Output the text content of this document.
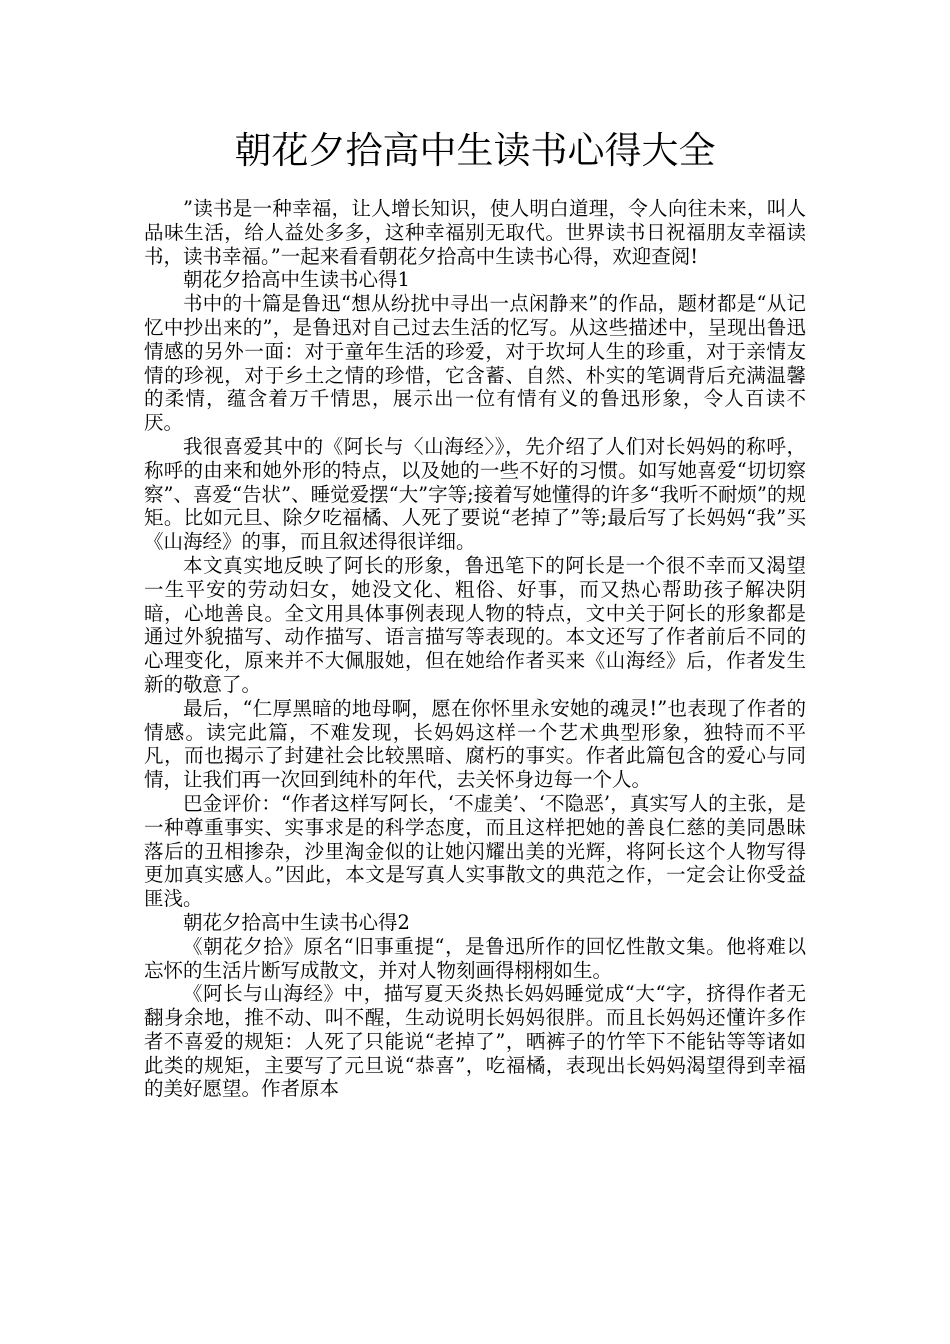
朝花夕拾高中生读书心得大全

”读书是一种幸福，让人增长知识，使人明白道理，令人向往未来，叫人品味生活，给人益处多多，这种幸福别无取代。世界读书日祝福朋友幸福读书，读书幸福。”一起来看看朝花夕拾高中生读书心得，欢迎查阅!

朝花夕拾高中生读书心得1

书中的十篇是鲁迅“想从纷扰中寻出一点闲静来”的作品，题材都是“从记忆中抄出来的”，是鲁迅对自己过去生活的忆写。从这些描述中，呈现出鲁迅情感的另外一面：对于童年生活的珍爱，对于坎坷人生的珍重，对于亲情友情的珍视，对于乡土之情的珍惜，它含蓄、自然、朴实的笔调背后充满温馨的柔情，蕴含着万千情思，展示出一位有情有义的鲁迅形象，令人百读不厌。

我很喜爱其中的《阿长与〈山海经〉》，先介绍了人们对长妈妈的称呼，称呼的由来和她外形的特点，以及她的一些不好的习惯。如写她喜爱“切切察察”、喜爱“告状”、睡觉爱摆“大”字等;接着写她懂得的许多“我听不耐烦”的规矩。比如元旦、除夕吃福橘、人死了要说“老掉了”等;最后写了长妈妈“我”买《山海经》的事，而且叙述得很详细。

本文真实地反映了阿长的形象，鲁迅笔下的阿长是一个很不幸而又渴望一生平安的劳动妇女，她没文化、粗俗、好事，而又热心帮助孩子解决阴暗，心地善良。全文用具体事例表现人物的特点，文中关于阿长的形象都是通过外貌描写、动作描写、语言描写等表现的。本文还写了作者前后不同的心理变化，原来并不大佩服她，但在她给作者买来《山海经》后，作者发生新的敬意了。

最后，“仁厚黑暗的地母啊，愿在你怀里永安她的魂灵!”也表现了作者的情感。读完此篇，不难发现，长妈妈这样一个艺术典型形象，独特而不平凡，而也揭示了封建社会比较黑暗、腐朽的事实。作者此篇包含的爱心与同情，让我们再一次回到纯朴的年代，去关怀身边每一个人。

巴金评价：“作者这样写阿长，‘不虚美’、‘不隐恶’，真实写人的主张，是一种尊重事实、实事求是的科学态度，而且这样把她的善良仁慈的美同愚昧落后的丑相掺杂，沙里淘金似的让她闪耀出美的光辉，将阿长这个人物写得更加真实感人。”因此，本文是写真人实事散文的典范之作，一定会让你受益匪浅。

朝花夕拾高中生读书心得2

《朝花夕拾》原名“旧事重提“，是鲁迅所作的回忆性散文集。他将难以忘怀的生活片断写成散文，并对人物刻画得栩栩如生。

《阿长与山海经》中，描写夏天炎热长妈妈睡觉成“大“字，挤得作者无翻身余地，推不动、叫不醒，生动说明长妈妈很胖。而且长妈妈还懂许多作者不喜爱的规矩：人死了只能说“老掉了”，晒裤子的竹竿下不能钻等等诸如此类的规矩，主要写了元旦说“恭喜”，吃福橘，表现出长妈妈渴望得到幸福的美好愿望。作者原本
